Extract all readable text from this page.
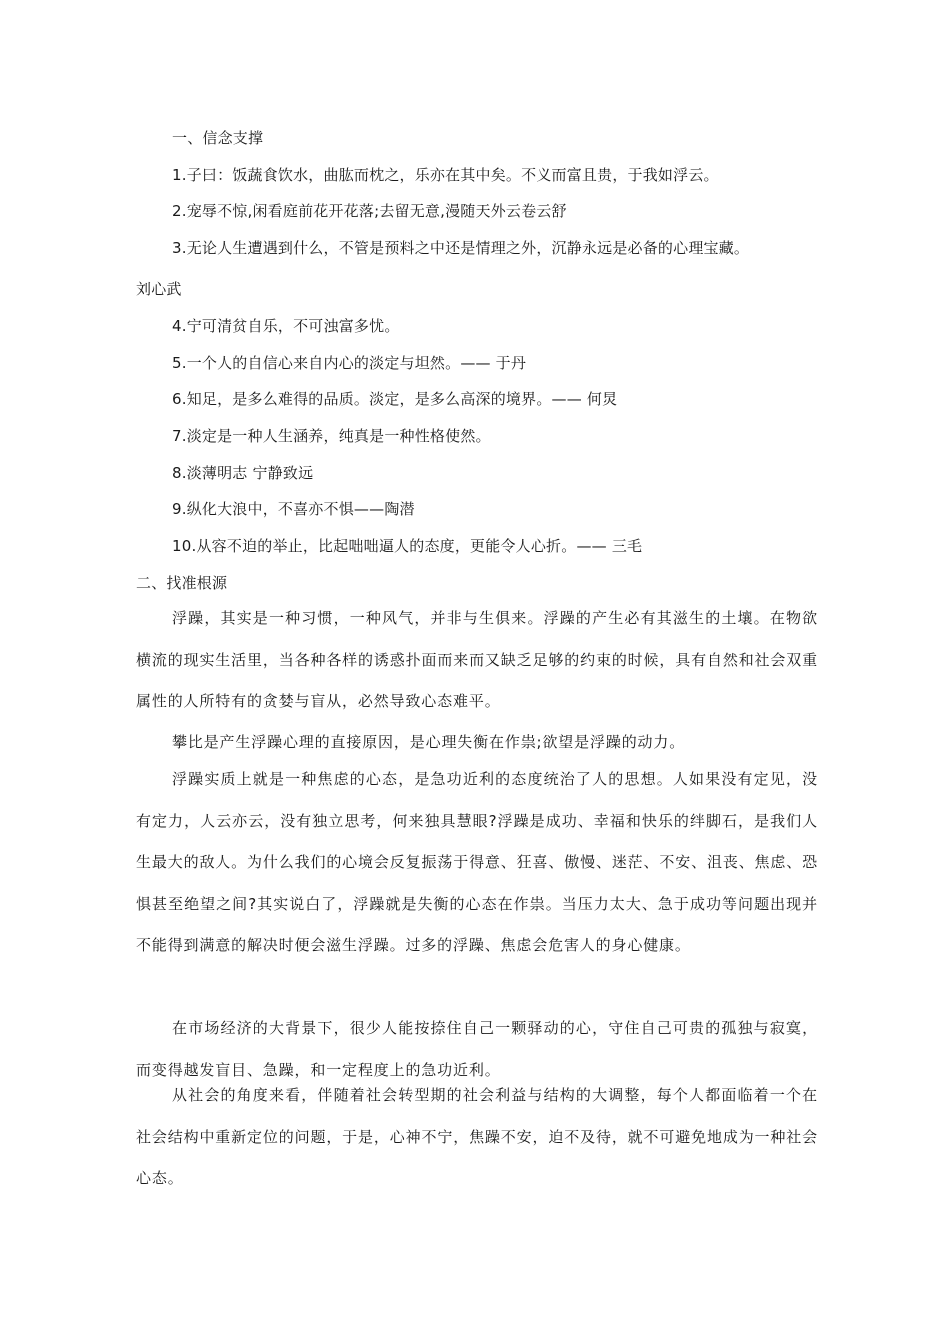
一、信念支撑
1.子曰：饭蔬食饮水，曲肱而枕之，乐亦在其中矣。不义而富且贵，于我如浮云。
2.宠辱不惊,闲看庭前花开花落;去留无意,漫随天外云卷云舒
3.无论人生遭遇到什么，不管是预料之中还是情理之外，沉静永远是必备的心理宝藏。
刘心武
4.宁可清贫自乐，不可浊富多忧。
5.一个人的自信心来自内心的淡定与坦然。—— 于丹
6.知足，是多么难得的品质。淡定，是多么高深的境界。—— 何炅
7.淡定是一种人生涵养，纯真是一种性格使然。
8.淡薄明志 宁静致远
9.纵化大浪中，不喜亦不惧——陶潜
10.从容不迫的举止，比起咄咄逼人的态度，更能令人心折。—— 三毛
二、找准根源
浮躁，其实是一种习惯，一种风气，并非与生俱来。浮躁的产生必有其滋生的土壤。在物欲横流的现实生活里，当各种各样的诱惑扑面而来而又缺乏足够的约束的时候，具有自然和社会双重属性的人所特有的贪婪与盲从，必然导致心态难平。
攀比是产生浮躁心理的直接原因，是心理失衡在作祟;欲望是浮躁的动力。
浮躁实质上就是一种焦虑的心态，是急功近利的态度统治了人的思想。人如果没有定见，没有定力，人云亦云，没有独立思考，何来独具慧眼?浮躁是成功、幸福和快乐的绊脚石，是我们人生最大的敌人。为什么我们的心境会反复振荡于得意、狂喜、傲慢、迷茫、不安、沮丧、焦虑、恐惧甚至绝望之间?其实说白了，浮躁就是失衡的心态在作祟。当压力太大、急于成功等问题出现并不能得到满意的解决时便会滋生浮躁。过多的浮躁、焦虑会危害人的身心健康。
在市场经济的大背景下，很少人能按捺住自己一颗驿动的心，守住自己可贵的孤独与寂寞，而变得越发盲目、急躁，和一定程度上的急功近利。
从社会的角度来看，伴随着社会转型期的社会利益与结构的大调整，每个人都面临着一个在社会结构中重新定位的问题，于是，心神不宁，焦躁不安，迫不及待，就不可避免地成为一种社会心态。
